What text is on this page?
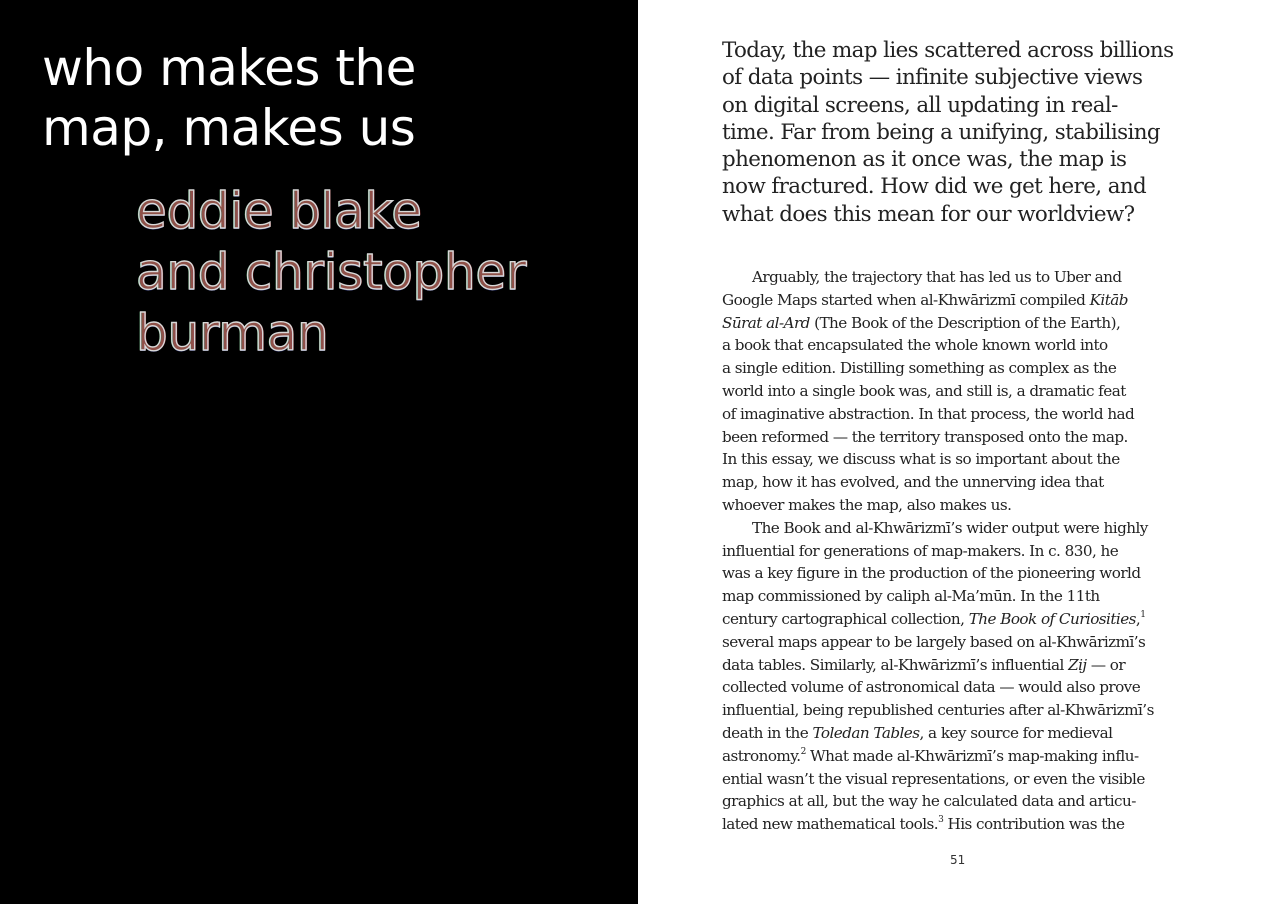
who makes the
map, makes us
eddie blake
and christopher
burman

Today, the map lies scattered across billions
of data points — infinite subjective views
on digital screens, all updating in real-
time. Far from being a unifying, stabilising
phenomenon as it once was, the map is
now fractured. How did we get here, and
what does this mean for our worldview?

Arguably, the trajectory that has led us to Uber and
Google Maps started when al-Khwārizmī compiled Kitāb
Sūrat al-Ard (The Book of the Description of the Earth),
a book that encapsulated the whole known world into
a single edition. Distilling something as complex as the
world into a single book was, and still is, a dramatic feat
of imaginative abstraction. In that process, the world had
been reformed — the territory transposed onto the map.
In this essay, we discuss what is so important about the
map, how it has evolved, and the unnerving idea that
whoever makes the map, also makes us.
The Book and al-Khwārizmī’s wider output were highly
influential for generations of map-makers. In c. 830, he
was a key figure in the production of the pioneering world
map commissioned by caliph al-Ma’mūn. In the 11th
century cartographical collection, The Book of Curiosities,$^1$
several maps appear to be largely based on al-Khwārizmī’s
data tables. Similarly, al-Khwārizmī’s influential Zij — or
collected volume of astronomical data — would also prove
influential, being republished centuries after al-Khwārizmī’s
death in the Toledan Tables, a key source for medieval
astronomy.$^2$ What made al-Khwārizmī’s map-making influ-
ential wasn’t the visual representations, or even the visible
graphics at all, but the way he calculated data and articu-
lated new mathematical tools.$^3$ His contribution was the

51
